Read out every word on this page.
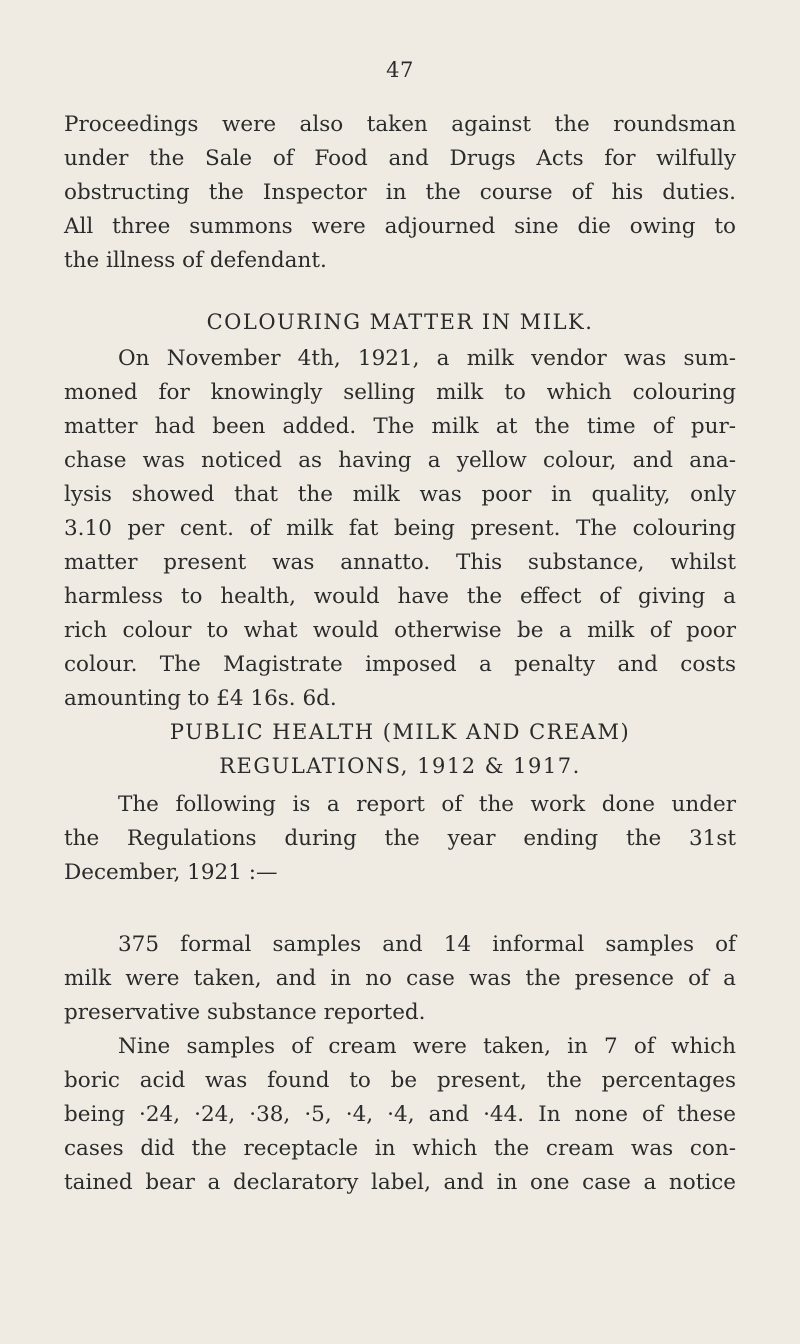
47
Proceedings were also taken against the roundsman
under the Sale of Food and Drugs Acts for wilfully
obstructing the Inspector in the course of his duties.
All three summons were adjourned sine die owing to
the illness of defendant.
COLOURING MATTER IN MILK.
On November 4th, 1921, a milk vendor was sum-
moned for knowingly selling milk to which colouring
matter had been added. The milk at the time of pur-
chase was noticed as having a yellow colour, and ana-
lysis showed that the milk was poor in quality, only
3.10 per cent. of milk fat being present. The colouring
matter present was annatto. This substance, whilst
harmless to health, would have the effect of giving a
rich colour to what would otherwise be a milk of poor
colour. The Magistrate imposed a penalty and costs
amounting to £4 16s. 6d.
PUBLIC HEALTH (MILK AND CREAM)
REGULATIONS, 1912 & 1917.
The following is a report of the work done under
the Regulations during the year ending the 31st
December, 1921 :—
375 formal samples and 14 informal samples of
milk were taken, and in no case was the presence of a
preservative substance reported.
Nine samples of cream were taken, in 7 of which
boric acid was found to be present, the percentages
being ·24, ·24, ·38, ·5, ·4, ·4, and ·44. In none of these
cases did the receptacle in which the cream was con-
tained bear a declaratory label, and in one case a notice
